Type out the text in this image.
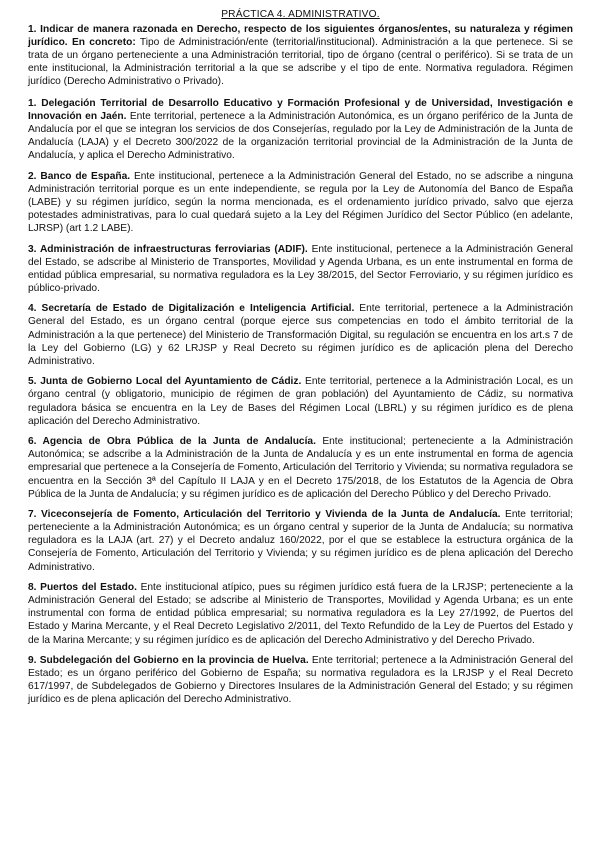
PRÁCTICA 4. ADMINISTRATIVO.

1. Indicar de manera razonada en Derecho, respecto de los siguientes órganos/entes, su naturaleza y régimen jurídico. En concreto: Tipo de Administración/ente (territorial/institucional). Administración a la que pertenece. Si se trata de un órgano perteneciente a una Administración territorial, tipo de órgano (central o periférico). Si se trata de un ente institucional, la Administración territorial a la que se adscribe y el tipo de ente. Normativa reguladora. Régimen jurídico (Derecho Administrativo o Privado).

1. Delegación Territorial de Desarrollo Educativo y Formación Profesional y de Universidad, Investigación e Innovación en Jaén. Ente territorial, pertenece a la Administración Autonómica, es un órgano periférico de la Junta de Andalucía por el que se integran los servicios de dos Consejerías, regulado por la Ley de Administración de la Junta de Andalucía (LAJA) y el Decreto 300/2022 de la organización territorial provincial de la Administración de la Junta de Andalucía, y aplica el Derecho Administrativo.

2. Banco de España. Ente institucional, pertenece a la Administración General del Estado, no se adscribe a ninguna Administración territorial porque es un ente independiente, se regula por la Ley de Autonomía del Banco de España (LABE) y su régimen jurídico, según la norma mencionada, es el ordenamiento jurídico privado, salvo que ejerza potestades administrativas, para lo cual quedará sujeto a la Ley del Régimen Jurídico del Sector Público (en adelante, LJRSP) (art 1.2 LABE).

3. Administración de infraestructuras ferroviarias (ADIF). Ente institucional, pertenece a la Administración General del Estado, se adscribe al Ministerio de Transportes, Movilidad y Agenda Urbana, es un ente instrumental en forma de entidad pública empresarial, su normativa reguladora es la Ley 38/2015, del Sector Ferroviario, y su régimen jurídico es público-privado.

4. Secretaría de Estado de Digitalización e Inteligencia Artificial. Ente territorial, pertenece a la Administración General del Estado, es un órgano central (porque ejerce sus competencias en todo el ámbito territorial de la Administración a la que pertenece) del Ministerio de Transformación Digital, su regulación se encuentra en los art.s 7 de la Ley del Gobierno (LG) y 62 LRJSP y Real Decreto su régimen jurídico es de aplicación plena del Derecho Administrativo.

5. Junta de Gobierno Local del Ayuntamiento de Cádiz. Ente territorial, pertenece a la Administración Local, es un órgano central (y obligatorio, municipio de régimen de gran población) del Ayuntamiento de Cádiz, su normativa reguladora básica se encuentra en la Ley de Bases del Régimen Local (LBRL) y su régimen jurídico es de plena aplicación del Derecho Administrativo.

6. Agencia de Obra Pública de la Junta de Andalucía. Ente institucional; perteneciente a la Administración Autonómica; se adscribe a la Administración de la Junta de Andalucía y es un ente instrumental en forma de agencia empresarial que pertenece a la Consejería de Fomento, Articulación del Territorio y Vivienda; su normativa reguladora se encuentra en la Sección 3ª del Capítulo II LAJA y en el Decreto 175/2018, de los Estatutos de la Agencia de Obra Pública de la Junta de Andalucía; y su régimen jurídico es de aplicación del Derecho Público y del Derecho Privado.

7. Viceconsejería de Fomento, Articulación del Territorio y Vivienda de la Junta de Andalucía. Ente territorial; perteneciente a la Administración Autonómica; es un órgano central y superior de la Junta de Andalucía; su normativa reguladora es la LAJA (art. 27) y el Decreto andaluz 160/2022, por el que se establece la estructura orgánica de la Consejería de Fomento, Articulación del Territorio y Vivienda; y su régimen jurídico es de plena aplicación del Derecho Administrativo.

8. Puertos del Estado. Ente institucional atípico, pues su régimen jurídico está fuera de la LRJSP; perteneciente a la Administración General del Estado; se adscribe al Ministerio de Transportes, Movilidad y Agenda Urbana; es un ente instrumental con forma de entidad pública empresarial; su normativa reguladora es la Ley 27/1992, de Puertos del Estado y Marina Mercante, y el Real Decreto Legislativo 2/2011, del Texto Refundido de la Ley de Puertos del Estado y de la Marina Mercante; y su régimen jurídico es de aplicación del Derecho Administrativo y del Derecho Privado.

9. Subdelegación del Gobierno en la provincia de Huelva. Ente territorial; pertenece a la Administración General del Estado; es un órgano periférico del Gobierno de España; su normativa reguladora es la LRJSP y el Real Decreto 617/1997, de Subdelegados de Gobierno y Directores Insulares de la Administración General del Estado; y su régimen jurídico es de plena aplicación del Derecho Administrativo.
